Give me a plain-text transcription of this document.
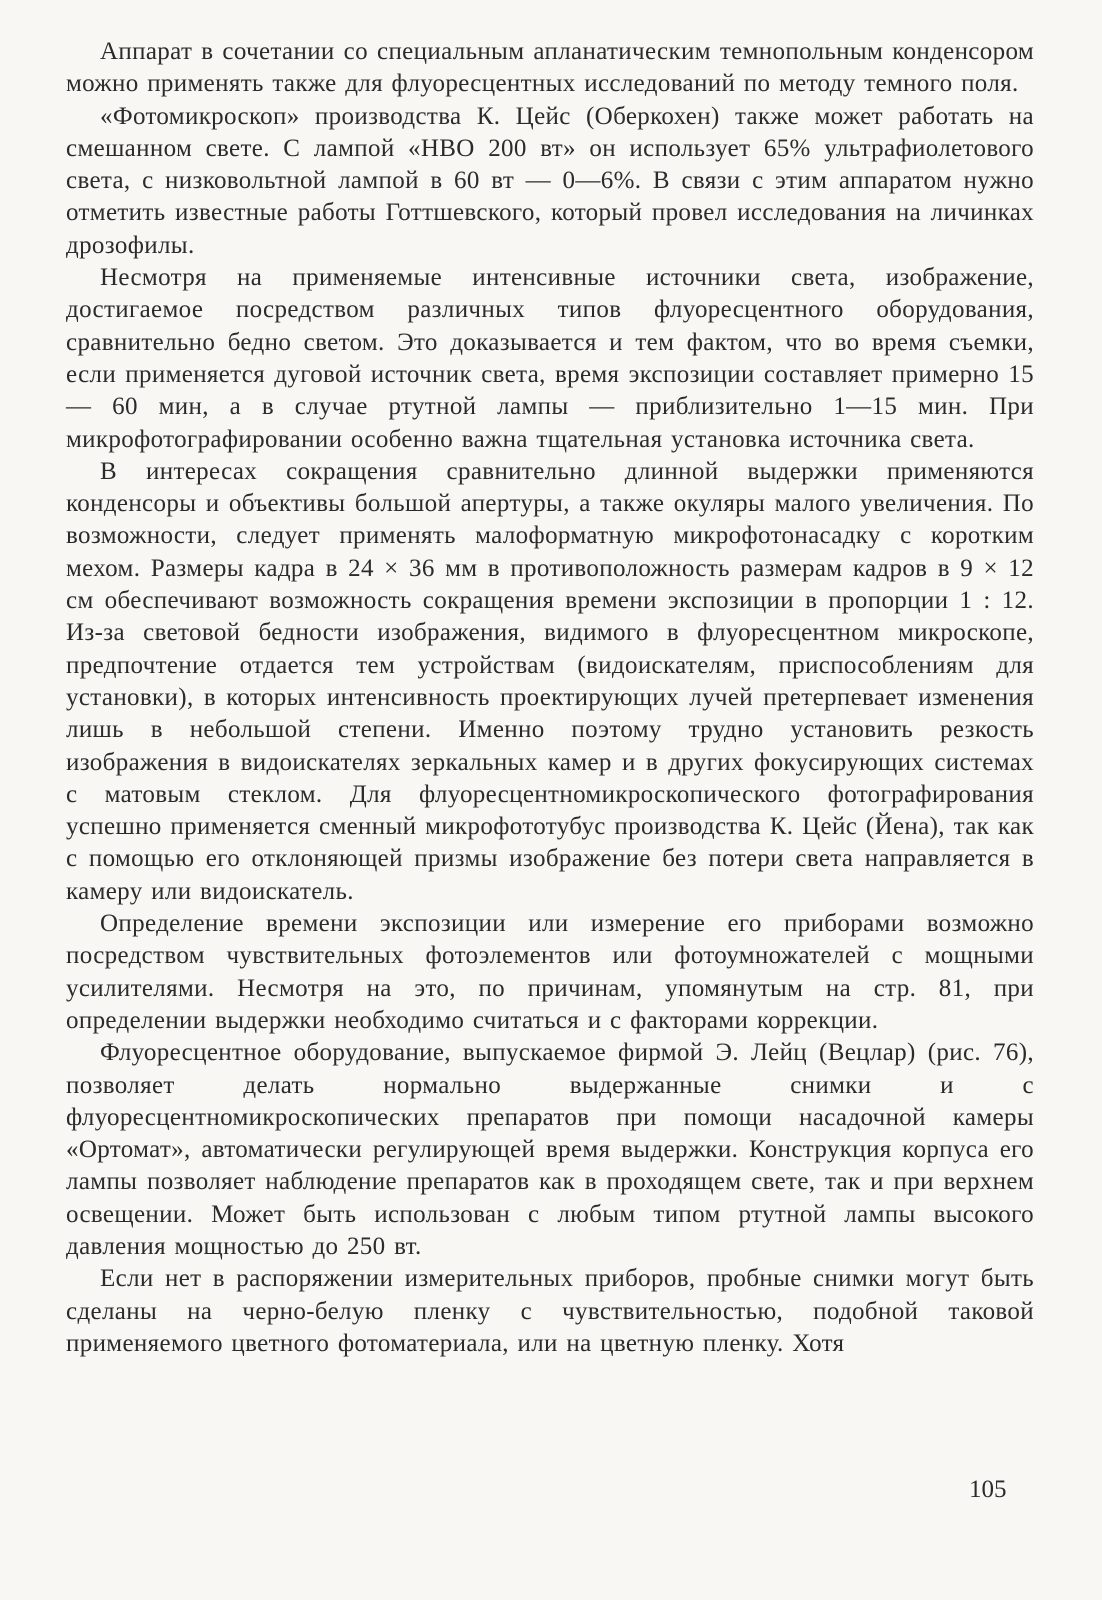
Аппарат в сочетании со специальным апланатическим темнопольным конденсором можно применять также для флуоресцентных исследований по методу темного поля.

«Фотомикроскоп» производства К. Цейс (Оберкохен) также может работать на смешанном свете. С лампой «НВО 200 вт» он использует 65% ультрафиолетового света, с низковольтной лампой в 60 вт — 0—6%. В связи с этим аппаратом нужно отметить известные работы Готтшевского, который провел исследования на личинках дрозофилы.

Несмотря на применяемые интенсивные источники света, изображение, достигаемое посредством различных типов флуоресцентного оборудования, сравнительно бедно светом. Это доказывается и тем фактом, что во время съемки, если применяется дуговой источник света, время экспозиции составляет примерно 15 — 60 мин, а в случае ртутной лампы — приблизительно 1—15 мин. При микрофотографировании особенно важна тщательная установка источника света.

В интересах сокращения сравнительно длинной выдержки применяются конденсоры и объективы большой апертуры, а также окуляры малого увеличения. По возможности, следует применять малоформатную микрофотонасадку с коротким мехом. Размеры кадра в 24 × 36 мм в противоположность размерам кадров в 9 × 12 см обеспечивают возможность сокращения времени экспозиции в пропорции 1 : 12. Из-за световой бедности изображения, видимого в флуоресцентном микроскопе, предпочтение отдается тем устройствам (видоискателям, приспособлениям для установки), в которых интенсивность проектирующих лучей претерпевает изменения лишь в небольшой степени. Именно поэтому трудно установить резкость изображения в видоискателях зеркальных камер и в других фокусирующих системах с матовым стеклом. Для флуоресцентномикроскопического фотографирования успешно применяется сменный микрофототубус производства К. Цейс (Йена), так как с помощью его отклоняющей призмы изображение без потери света направляется в камеру или видоискатель.

Определение времени экспозиции или измерение его приборами возможно посредством чувствительных фотоэлементов или фотоумножателей с мощными усилителями. Несмотря на это, по причинам, упомянутым на стр. 81, при определении выдержки необходимо считаться и с факторами коррекции.

Флуоресцентное оборудование, выпускаемое фирмой Э. Лейц (Вецлар) (рис. 76), позволяет делать нормально выдержанные снимки и с флуоресцентномикроскопических препаратов при помощи насадочной камеры «Ортомат», автоматически регулирующей время выдержки. Конструкция корпуса его лампы позволяет наблюдение препаратов как в проходящем свете, так и при верхнем освещении. Может быть использован с любым типом ртутной лампы высокого давления мощностью до 250 вт.

Если нет в распоряжении измерительных приборов, пробные снимки могут быть сделаны на черно-белую пленку с чувствительностью, подобной таковой применяемого цветного фотоматериала, или на цветную пленку. Хотя

105
